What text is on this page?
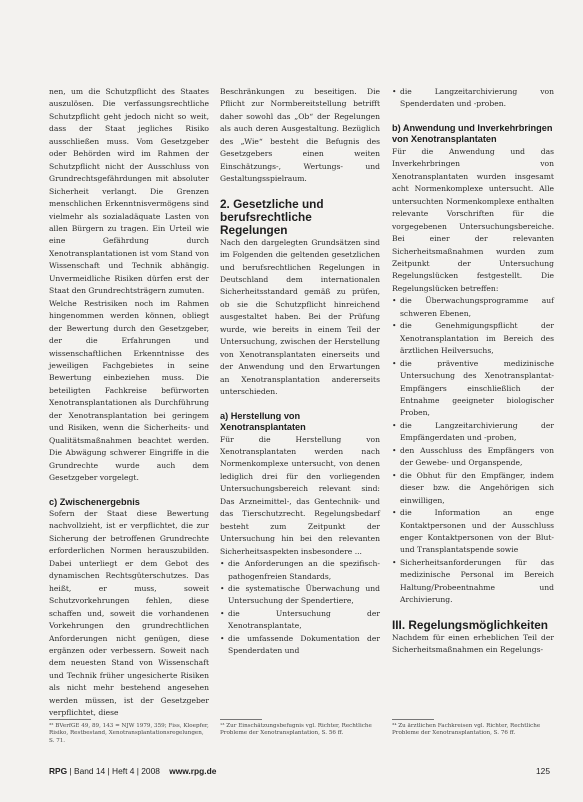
nen, um die Schutzpflicht des Staates auszulösen. Die verfassungsrechtliche Schutzpflicht geht jedoch nicht so weit, dass der Staat jegliches Risiko ausschließen muss. Vom Gesetzgeber oder Behörden wird im Rahmen der Schutzpflicht nicht der Ausschluss von Grundrechtsgefährdungen mit absoluter Sicherheit verlangt. Die Grenzen menschlichen Erkenntnisvermögens sind vielmehr als sozialadäquate Lasten von allen Bürgern zu tragen. Ein Urteil wie eine Gefährdung durch Xenotransplantationen ist vom Stand von Wissenschaft und Technik abhängig. Unvermeidliche Risiken dürfen erst der Staat den Grundrechtsträgern zumuten.

Welche Restrisiken noch im Rahmen hingenommen werden können, obliegt der Bewertung durch den Gesetzgeber, der die Erfahrungen und wissenschaftlichen Erkenntnisse des jeweiligen Fachgebietes in seine Bewertung einbeziehen muss. Die beteiligten Fachkreise befürworten Xenotransplantationen als Durchführung der Xenotransplantation bei geringem und Risiken, wenn die Sicherheits- und Qualitätsmaßnahmen beachtet werden. Die Abwägung schwerer Eingriffe in die Grundrechte wurde auch dem Gesetzgeber vorgelegt.

c) Zwischenergebnis

Sofern der Staat diese Bewertung nachvollzieht, ist er verpflichtet, die zur Sicherung der betroffenen Grundrechte erforderlichen Normen herauszubilden. Dabei unterliegt er dem Gebot des dynamischen Rechtsgüterschutzes. Das heißt, er muss, soweit Schutzvorkehrungen fehlen, diese schaffen und, soweit die vorhandenen Vorkehrungen den grundrechtlichen Anforderungen nicht genügen, diese ergänzen oder verbessern. Soweit nach dem neuesten Stand von Wissenschaft und Technik früher ungesicherte Risiken als nicht mehr bestehend angesehen werden müssen, ist der Gesetzgeber verpflichtet, diese

Beschränkungen zu beseitigen. Die Pflicht zur Normbereitstellung betrifft daher sowohl das „Ob“ der Regelungen als auch deren Ausgestaltung. Bezüglich des „Wie“ besteht die Befugnis des Gesetzgebers einen weiten Einschätzungs-, Wertungs- und Gestaltungsspielraum.

2. Gesetzliche und berufsrechtliche Regelungen

Nach den dargelegten Grundsätzen sind im Folgenden die geltenden gesetzlichen und berufsrechtlichen Regelungen in Deutschland dem internationalen Sicherheitsstandard gemäß zu prüfen, ob sie die Schutzpflicht hinreichend ausgestaltet haben. Bei der Prüfung wurde, wie bereits in einem Teil der Untersuchung, zwischen der Herstellung von Xenotransplantaten einerseits und der Anwendung und den Erwartungen an Xenotransplantation andererseits unterschieden.

a) Herstellung von Xenotransplantaten

Für die Herstellung von Xenotransplantaten werden nach Normenkomplexe untersucht, von denen lediglich drei für den vorliegenden Untersuchungsbereich relevant sind: Das Arzneimittel-, das Gentechnik- und das Tierschutzrecht. Regelungsbedarf besteht zum Zeitpunkt der Untersuchung hin bei den relevanten Sicherheitsaspekten insbesondere ...

• die Anforderungen an die spezifisch-pathogenfreien Standards,
• die systematische Überwachung und Untersuchung der Spendertiere,
• die Untersuchung der Xenotransplantate,
• die umfassende Dokumentation der Spenderdaten und
• die Langzeitarchivierung von Spenderdaten und -proben.

b) Anwendung und Inverkehrbringen von Xenotransplantaten

Für die Anwendung und das Inverkehrbringen von Xenotransplantaten wurden insgesamt acht Normenkomplexe untersucht. Alle untersuchten Normenkomplexe enthalten relevante Vorschriften für die vorgegebenen Untersuchungsbereiche. Bei einer der relevanten Sicherheitsmaßnahmen wurden zum Zeitpunkt der Untersuchung Regelungslücken festgestellt. Die Regelungslücken betreffen:

• die Überwachungsprogramme auf schweren Ebenen,
• die Genehmigungspflicht der Xenotransplantation im Bereich des ärztlichen Heilversuchs,
• die präventive medizinische Untersuchung des Xenotransplantat-Empfängers einschließlich der Entnahme geeigneter biologischer Proben,
• die Langzeitarchivierung der Empfängerdaten und -proben,
• den Ausschluss des Empfängers von der Gewebe- und Organspende,
• die Obhut für den Empfänger, indem dieser bzw. die Angehörigen sich einwilligen,
• die Information an enge Kontaktpersonen und der Ausschluss enger Kontaktpersonen von der Blut- und Transplantatspende sowie
• Sicherheitsanforderungen für das medizinische Personal im Bereich Haltung/Probeentnahme und Archivierung.

III. Regelungsmöglichkeiten

Nachdem für einen erheblichen Teil der Sicherheitsmaßnahmen ein Regelungs-

³² BVerfGE 49, 89, 143 = NJW 1979, 359; Fiss, Kloepfer, Risiko, Restbestand, Xenotransplantationsregelungen, S. 71.
¹³ Zur Einschätzungsbefugnis vgl. Richter, Rechtliche Probleme der Xenotransplantation, S. 56 ff.
³⁴ Zu ärztlichen Fachkreisen vgl. Richter, Rechtliche Probleme der Xenotransplantation, S. 76 ff.
RPG | Band 14 | Heft 4 | 2008 www.rpg.de	125
